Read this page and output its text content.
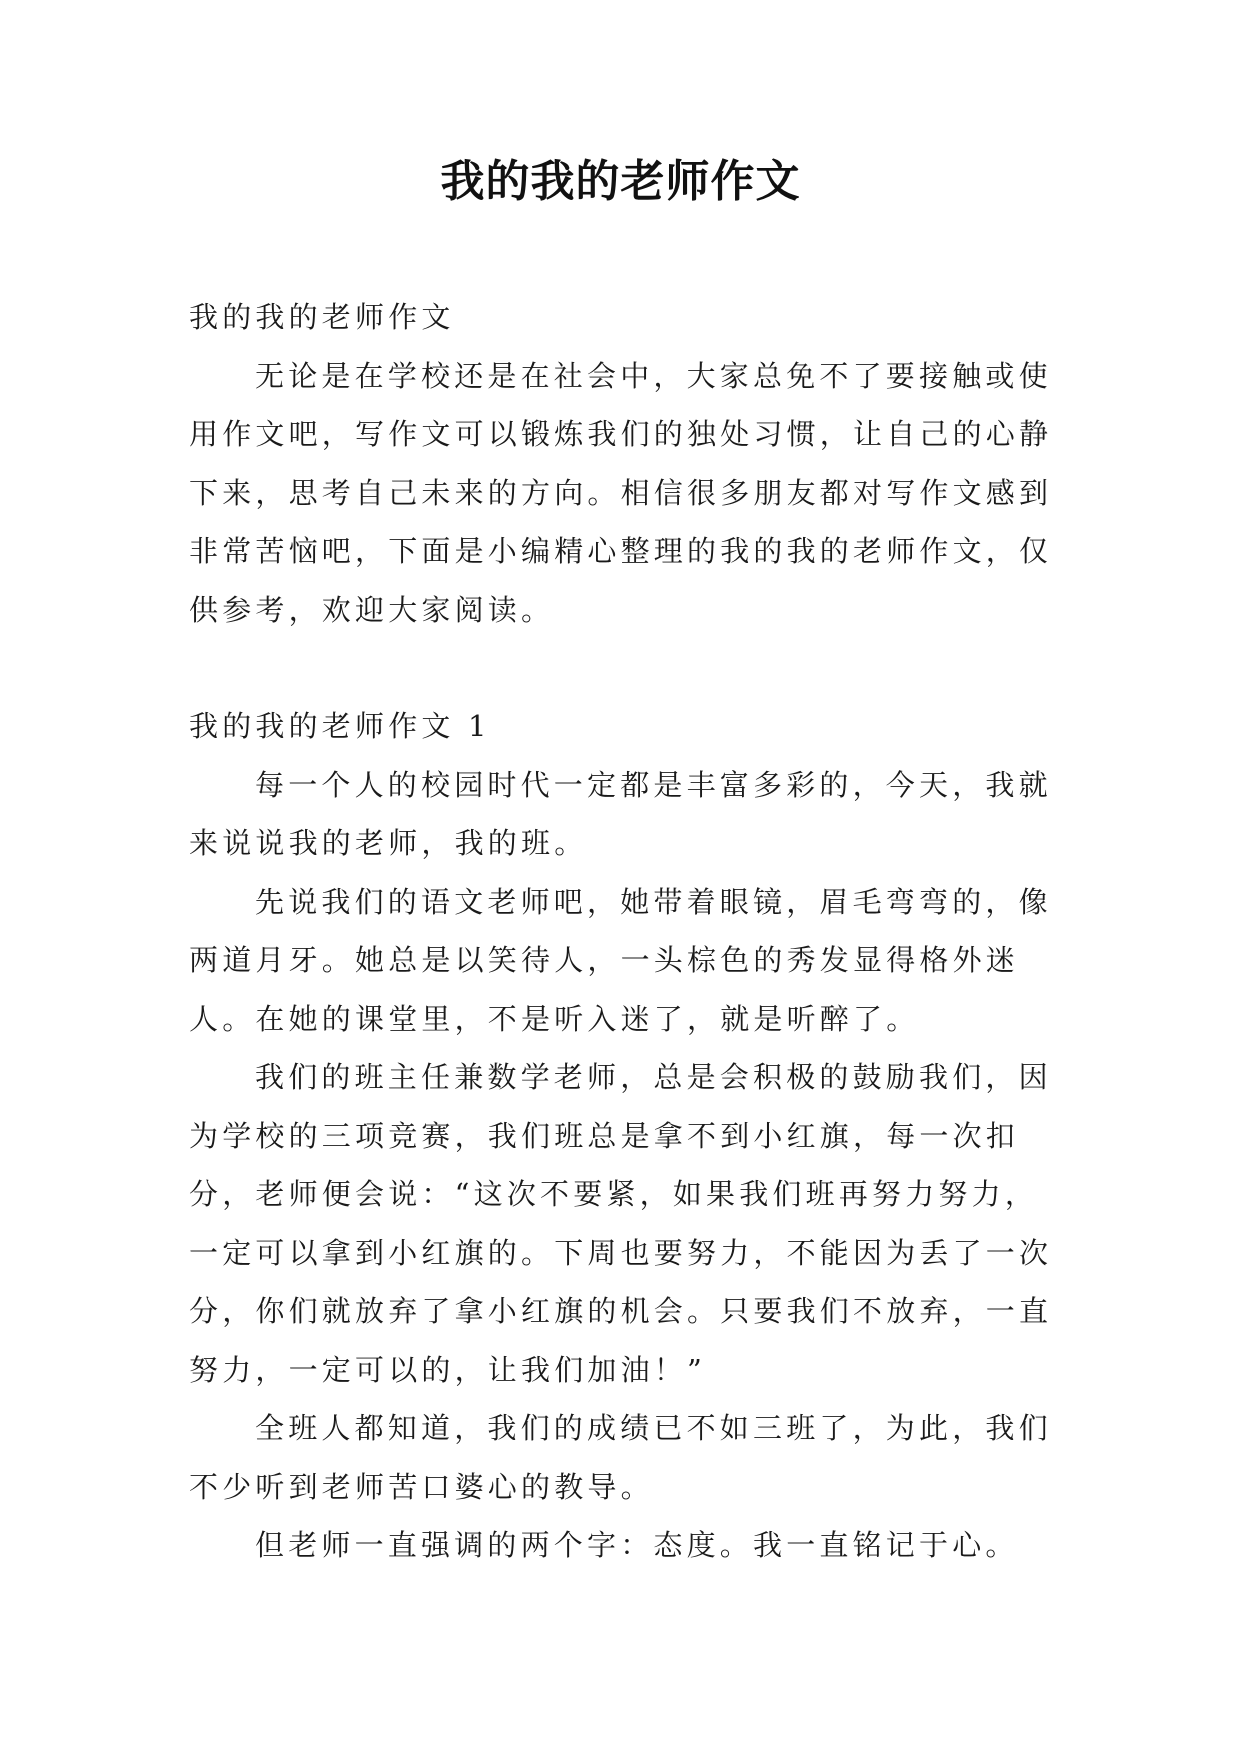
我的我的老师作文

我的我的老师作文

无论是在学校还是在社会中，大家总免不了要接触或使用作文吧，写作文可以锻炼我们的独处习惯，让自己的心静下来，思考自己未来的方向。相信很多朋友都对写作文感到非常苦恼吧，下面是小编精心整理的我的我的老师作文，仅供参考，欢迎大家阅读。

我的我的老师作文 1

每一个人的校园时代一定都是丰富多彩的，今天，我就来说说我的老师，我的班。

先说我们的语文老师吧，她带着眼镜，眉毛弯弯的，像两道月牙。她总是以笑待人，一头棕色的秀发显得格外迷人。在她的课堂里，不是听入迷了，就是听醉了。

我们的班主任兼数学老师，总是会积极的鼓励我们，因为学校的三项竞赛，我们班总是拿不到小红旗，每一次扣分，老师便会说：“这次不要紧，如果我们班再努力努力，一定可以拿到小红旗的。下周也要努力，不能因为丢了一次分，你们就放弃了拿小红旗的机会。只要我们不放弃，一直努力，一定可以的，让我们加油！”

全班人都知道，我们的成绩已不如三班了，为此，我们不少听到老师苦口婆心的教导。

但老师一直强调的两个字：态度。我一直铭记于心。
